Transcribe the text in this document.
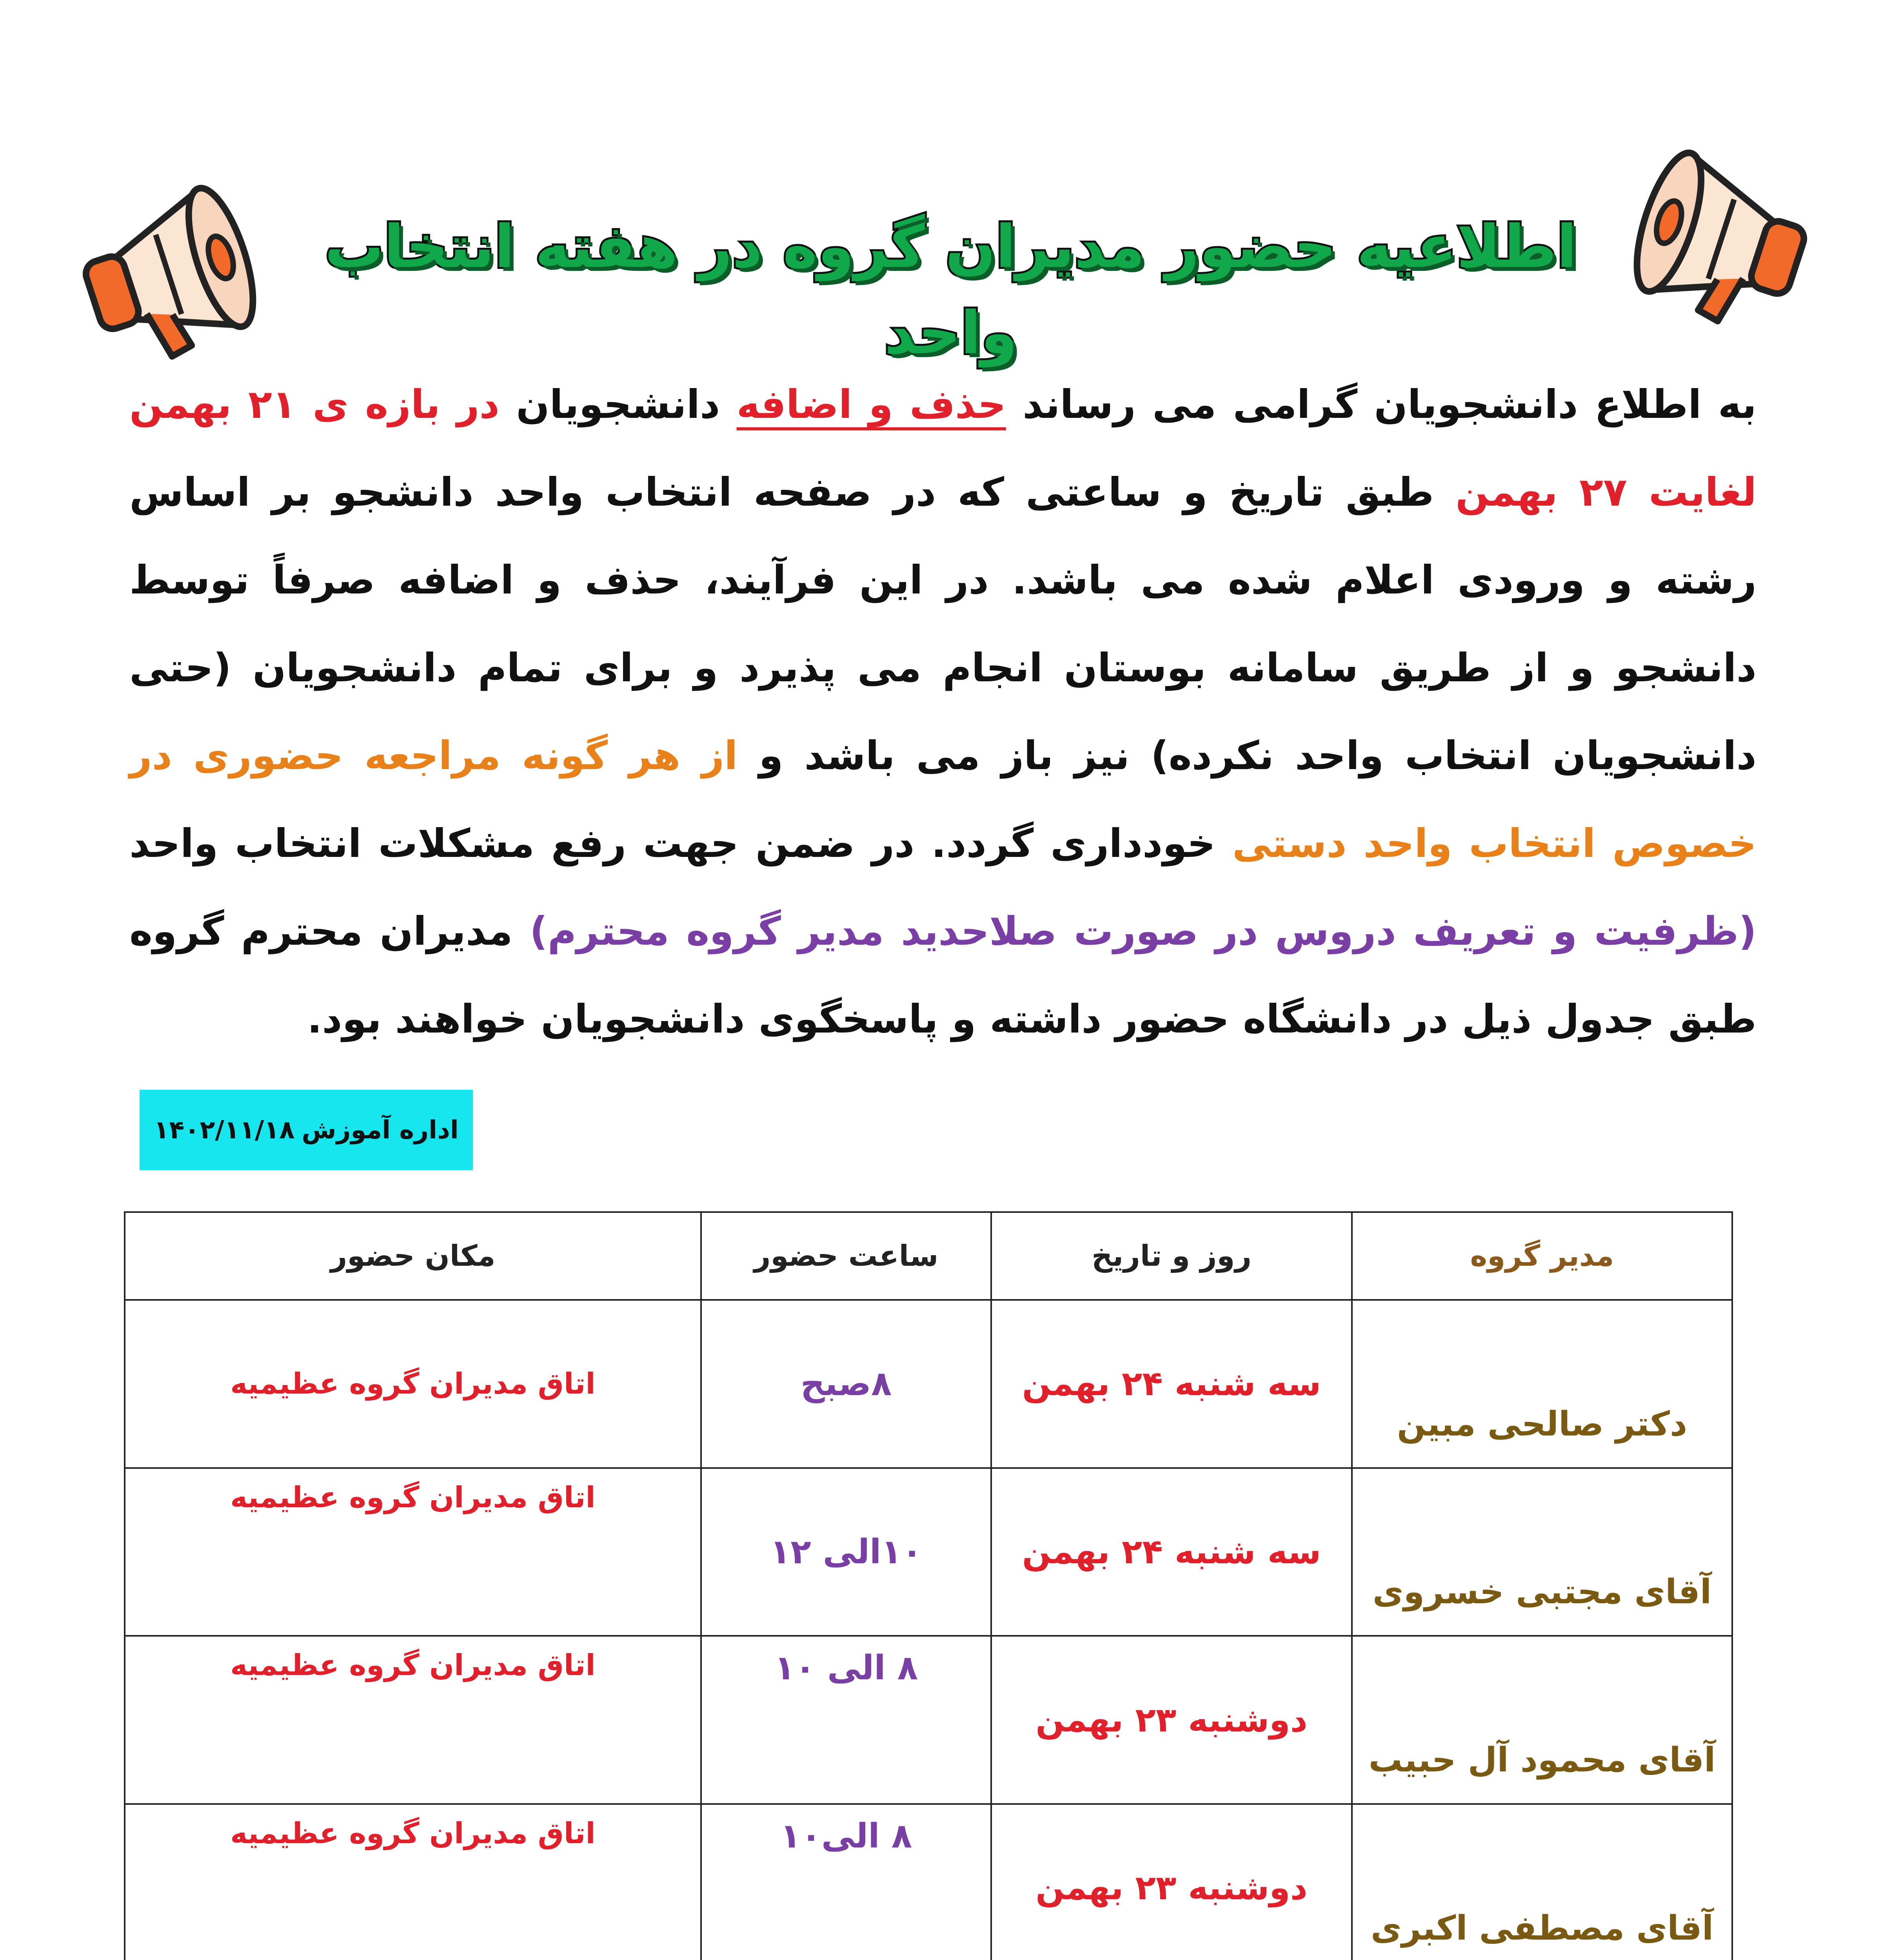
اطلاعیه حضور مدیران گروه در هفته انتخاب واحد
به اطلاع دانشجویان گرامی می رساند حذف و اضافه دانشجویان در بازه ی ۲۱ بهمن لغایت ۲۷ بهمن طبق تاریخ و ساعتی که در صفحه انتخاب واحد دانشجو بر اساس رشته و ورودی اعلام شده می باشد. در این فرآیند، حذف و اضافه صرفاً توسط دانشجو و از طریق سامانه بوستان انجام می پذیرد و برای تمام دانشجویان (حتی دانشجویان انتخاب واحد نکرده) نیز باز می باشد و از هر گونه مراجعه حضوری در خصوص انتخاب واحد دستی خودداری گردد. در ضمن جهت رفع مشکلات انتخاب واحد (ظرفیت و تعریف دروس در صورت صلاحدید مدیر گروه محترم) مدیران محترم گروه طبق جدول ذیل در دانشگاه حضور داشته و پاسخگوی دانشجویان خواهند بود.
اداره آموزش
۱۴۰۲/۱۱/۱۸
مدیر گروه	روز و تاریخ	ساعت حضور	مکان حضور
دکتر صالحی مبین	سه شنبه ۲۴ بهمن	۸صبح	اتاق مدیران گروه عظیمیه
آقای مجتبی خسروی	سه شنبه ۲۴ بهمن	۱۰الی ۱۲	اتاق مدیران گروه عظیمیه
آقای محمود آل حبیب	دوشنبه ۲۳ بهمن	۸ الی ۱۰	اتاق مدیران گروه عظیمیه
آقای مصطفی اکبری	دوشنبه ۲۳ بهمن	۸ الی۱۰	اتاق مدیران گروه عظیمیه
